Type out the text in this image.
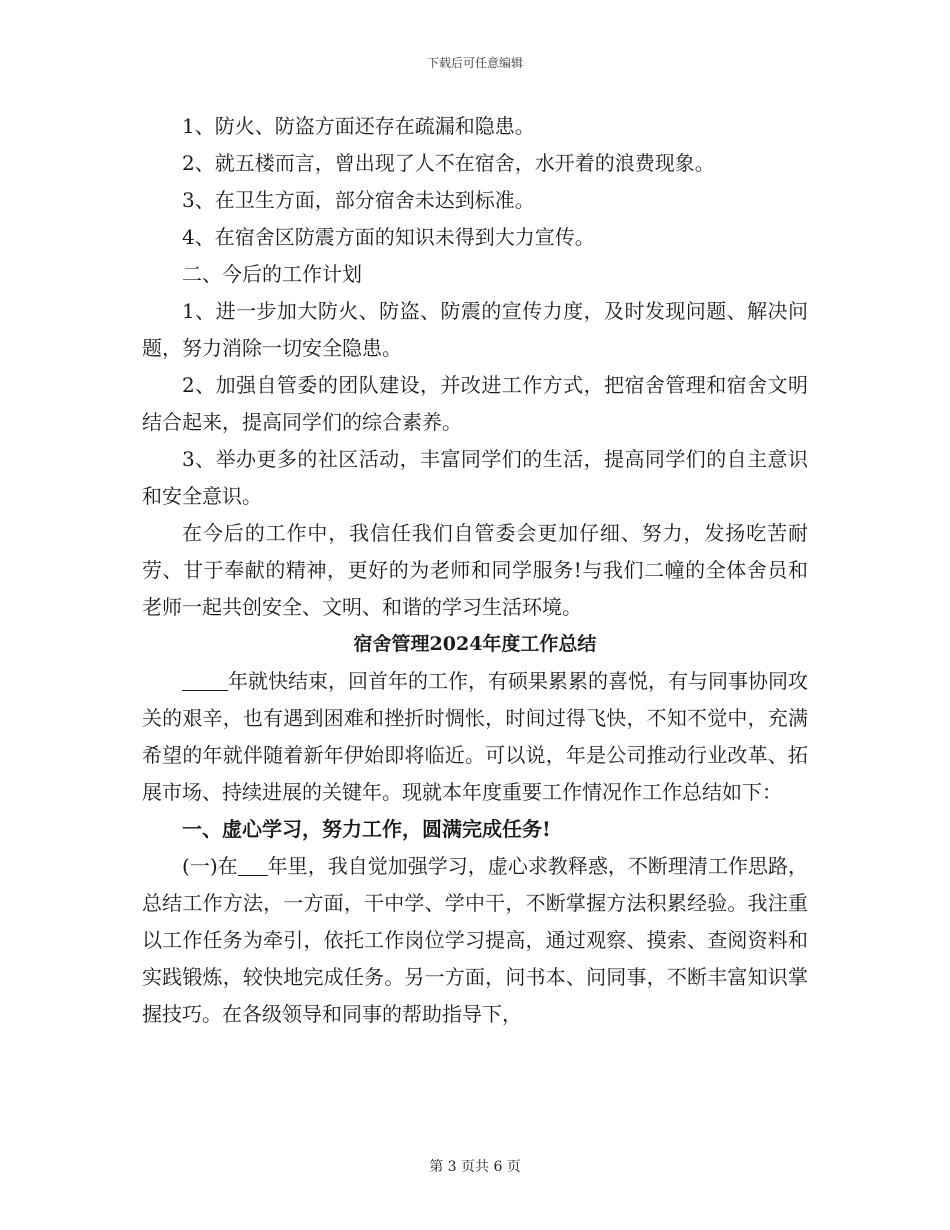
下载后可任意编辑

1、防火、防盗方面还存在疏漏和隐患。

2、就五楼而言，曾出现了人不在宿舍，水开着的浪费现象。

3、在卫生方面，部分宿舍未达到标准。

4、在宿舍区防震方面的知识未得到大力宣传。

二、今后的工作计划

1、进一步加大防火、防盗、防震的宣传力度，及时发现问题、解决问题，努力消除一切安全隐患。

2、加强自管委的团队建设，并改进工作方式，把宿舍管理和宿舍文明结合起来，提高同学们的综合素养。

3、举办更多的社区活动，丰富同学们的生活，提高同学们的自主意识和安全意识。

在今后的工作中，我信任我们自管委会更加仔细、努力，发扬吃苦耐劳、甘于奉献的精神，更好的为老师和同学服务!与我们二幢的全体舍员和老师一起共创安全、文明、和谐的学习生活环境。

宿舍管理2024年度工作总结

年就快结束，回首年的工作，有硕果累累的喜悦，有与同事协同攻关的艰辛，也有遇到困难和挫折时惆怅，时间过得飞快，不知不觉中，充满希望的年就伴随着新年伊始即将临近。可以说，年是公司推动行业改革、拓展市场、持续进展的关键年。现就本年度重要工作情况作工作总结如下：

一、虚心学习，努力工作，圆满完成任务!

(一)在 年里，我自觉加强学习，虚心求教释惑，不断理清工作思路，总结工作方法，一方面，干中学、学中干，不断掌握方法积累经验。我注重以工作任务为牵引，依托工作岗位学习提高，通过观察、摸索、查阅资料和实践锻炼，较快地完成任务。另一方面，问书本、问同事，不断丰富知识掌握技巧。在各级领导和同事的帮助指导下，

第 3 页共 6 页
